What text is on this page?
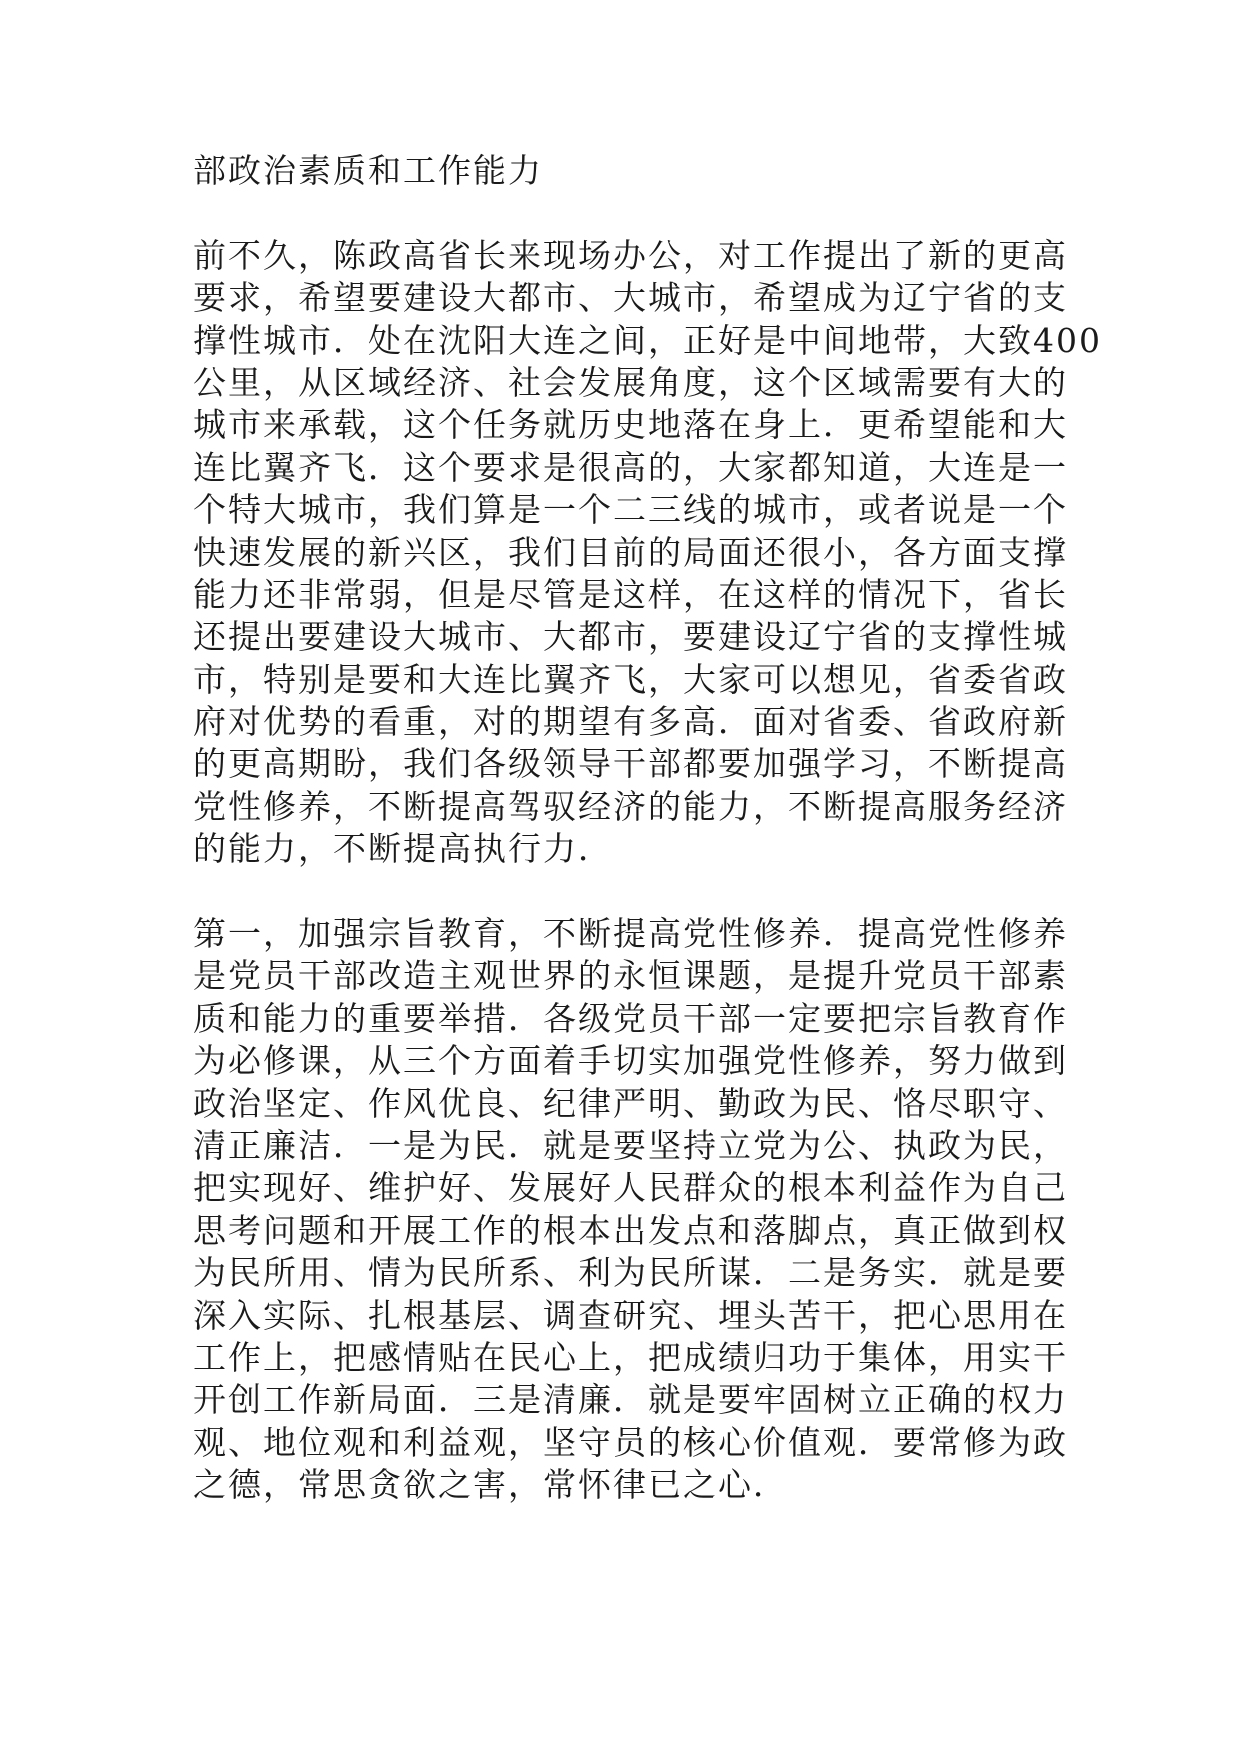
部政治素质和工作能力
前不久，陈政高省长来现场办公，对工作提出了新的更高
要求，希望要建设大都市、大城市，希望成为辽宁省的支
撑性城市．处在沈阳大连之间，正好是中间地带，大致400
公里，从区域经济、社会发展角度，这个区域需要有大的
城市来承载，这个任务就历史地落在身上．更希望能和大
连比翼齐飞．这个要求是很高的，大家都知道，大连是一
个特大城市，我们算是一个二三线的城市，或者说是一个
快速发展的新兴区，我们目前的局面还很小，各方面支撑
能力还非常弱，但是尽管是这样，在这样的情况下，省长
还提出要建设大城市、大都市，要建设辽宁省的支撑性城
市，特别是要和大连比翼齐飞，大家可以想见，省委省政
府对优势的看重，对的期望有多高．面对省委、省政府新
的更高期盼，我们各级领导干部都要加强学习，不断提高
党性修养，不断提高驾驭经济的能力，不断提高服务经济
的能力，不断提高执行力．
第一，加强宗旨教育，不断提高党性修养．提高党性修养
是党员干部改造主观世界的永恒课题，是提升党员干部素
质和能力的重要举措．各级党员干部一定要把宗旨教育作
为必修课，从三个方面着手切实加强党性修养，努力做到
政治坚定、作风优良、纪律严明、勤政为民、恪尽职守、
清正廉洁．一是为民．就是要坚持立党为公、执政为民，
把实现好、维护好、发展好人民群众的根本利益作为自己
思考问题和开展工作的根本出发点和落脚点，真正做到权
为民所用、情为民所系、利为民所谋．二是务实．就是要
深入实际、扎根基层、调查研究、埋头苦干，把心思用在
工作上，把感情贴在民心上，把成绩归功于集体，用实干
开创工作新局面．三是清廉．就是要牢固树立正确的权力
观、地位观和利益观，坚守员的核心价值观．要常修为政
之德，常思贪欲之害，常怀律已之心．
